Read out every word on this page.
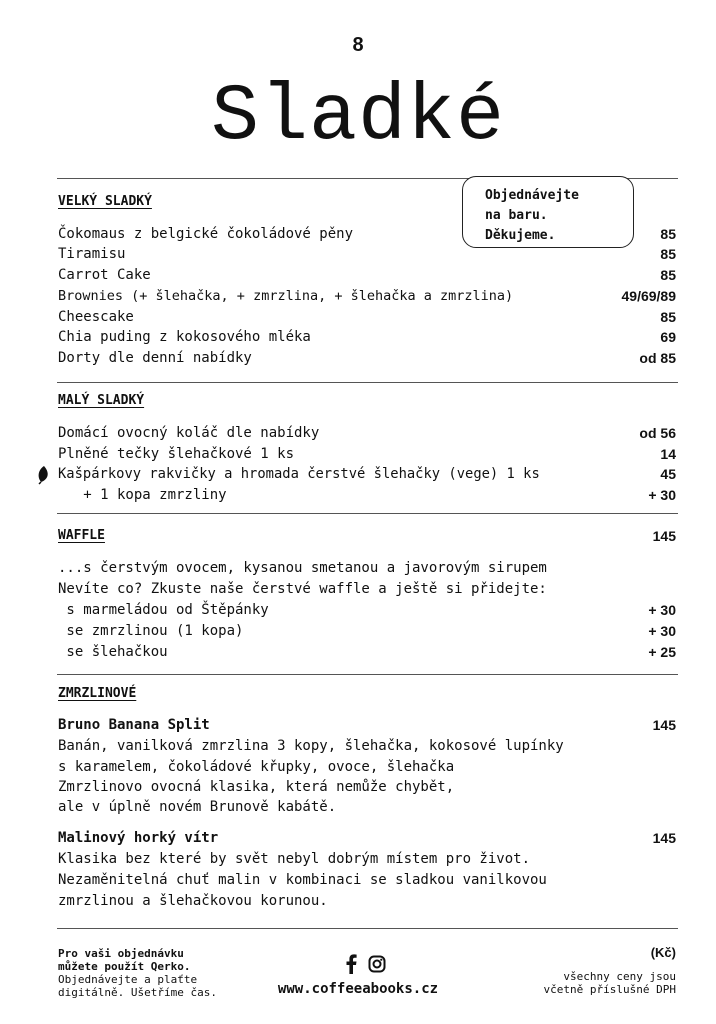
8
Sladké
VELKÝ SLADKÝ
Čokomaus z belgické čokoládové pěny	85
Tiramisu	85
Carrot Cake	85
Brownies (+ šlehačka, + zmrzlina, + šlehačka a zmrzlina)	49/69/89
Cheescake	85
Chia puding z kokosového mléka	69
Dorty dle denní nabídky	od 85
Objednávejte
na baru.
Děkujeme.
MALÝ SLADKÝ
Domácí ovocný koláč dle nabídky	od 56
Plněné tečky šlehačkové 1 ks	14
Kašpárkovy rakvičky a hromada čerstvé šlehačky (vege) 1 ks	45
+ 1 kopa zmrzliny	+ 30
WAFFLE	145
...s čerstvým ovocem, kysanou smetanou a javorovým sirupem
Nevíte co? Zkuste naše čerstvé waffle a ještě si přidejte:
s marmeládou od Štěpánky	+ 30
se zmrzlinou (1 kopa)	+ 30
se šlehačkou	+ 25
ZMRZLINOVÉ
Bruno Banana Split	145
Banán, vanilková zmrzlina 3 kopy, šlehačka, kokosové lupínky
s karamelem, čokoládové křupky, ovoce, šlehačka
Zmrzlinovo ovocná klasika, která nemůže chybět,
ale v úplně novém Brunově kabátě.
Malinový horký vítr	145
Klasika bez které by svět nebyl dobrým místem pro život.
Nezaměnitelná chuť malin v kombinaci se sladkou vanilkovou
zmrzlinou a šlehačkovou korunou.
Pro vaši objednávku
můžete použít Qerko.
Objednávejte a plaťte
digitálně. Ušetříme čas.	www.coffeeabooks.cz
(Kč)
všechny ceny jsou
včetně příslušné DPH
